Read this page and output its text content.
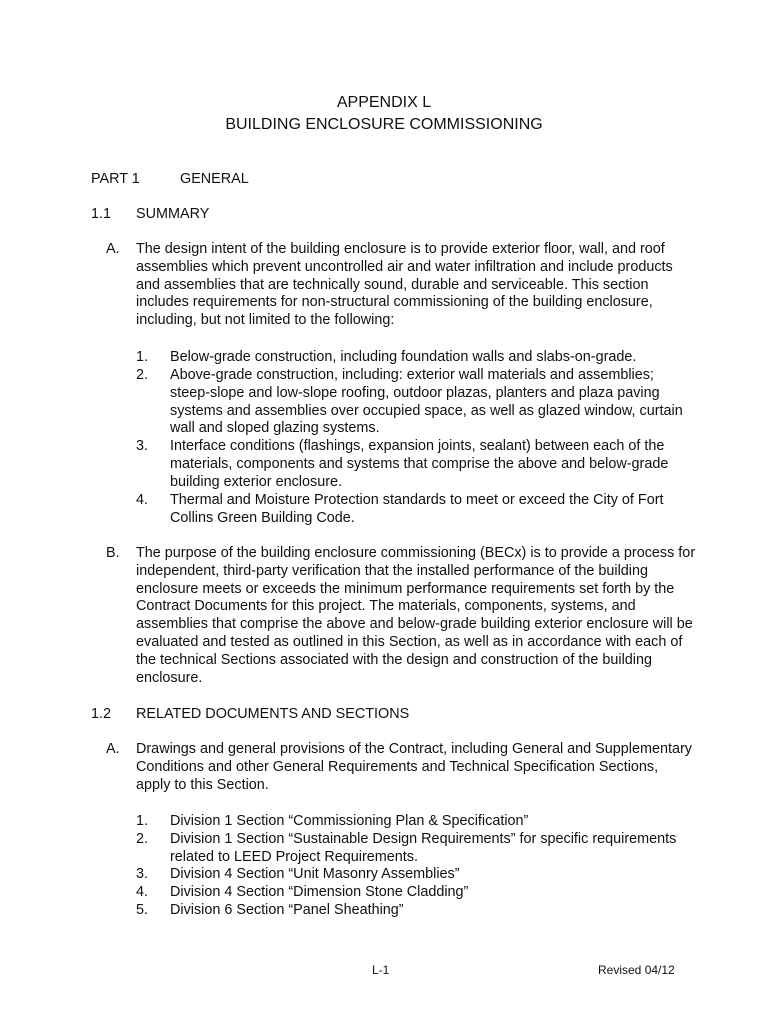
APPENDIX L
BUILDING ENCLOSURE COMMISSIONING
PART 1	GENERAL
1.1 SUMMARY
A. The design intent of the building enclosure is to provide exterior floor, wall, and roof assemblies which prevent uncontrolled air and water infiltration and include products and assemblies that are technically sound, durable and serviceable. This section includes requirements for non-structural commissioning of the building enclosure, including, but not limited to the following:
1. Below-grade construction, including foundation walls and slabs-on-grade.
2. Above-grade construction, including: exterior wall materials and assemblies; steep-slope and low-slope roofing, outdoor plazas, planters and plaza paving systems and assemblies over occupied space, as well as glazed window, curtain wall and sloped glazing systems.
3. Interface conditions (flashings, expansion joints, sealant) between each of the materials, components and systems that comprise the above and below-grade building exterior enclosure.
4. Thermal and Moisture Protection standards to meet or exceed the City of Fort Collins Green Building Code.
B. The purpose of the building enclosure commissioning (BECx) is to provide a process for independent, third-party verification that the installed performance of the building enclosure meets or exceeds the minimum performance requirements set forth by the Contract Documents for this project. The materials, components, systems, and assemblies that comprise the above and below-grade building exterior enclosure will be evaluated and tested as outlined in this Section, as well as in accordance with each of the technical Sections associated with the design and construction of the building enclosure.
1.2 RELATED DOCUMENTS AND SECTIONS
A. Drawings and general provisions of the Contract, including General and Supplementary Conditions and other General Requirements and Technical Specification Sections, apply to this Section.
1. Division 1 Section “Commissioning Plan & Specification”
2. Division 1 Section “Sustainable Design Requirements” for specific requirements related to LEED Project Requirements.
3. Division 4 Section “Unit Masonry Assemblies”
4. Division 4 Section “Dimension Stone Cladding”
5. Division 6 Section “Panel Sheathing”
L-1	Revised 04/12
